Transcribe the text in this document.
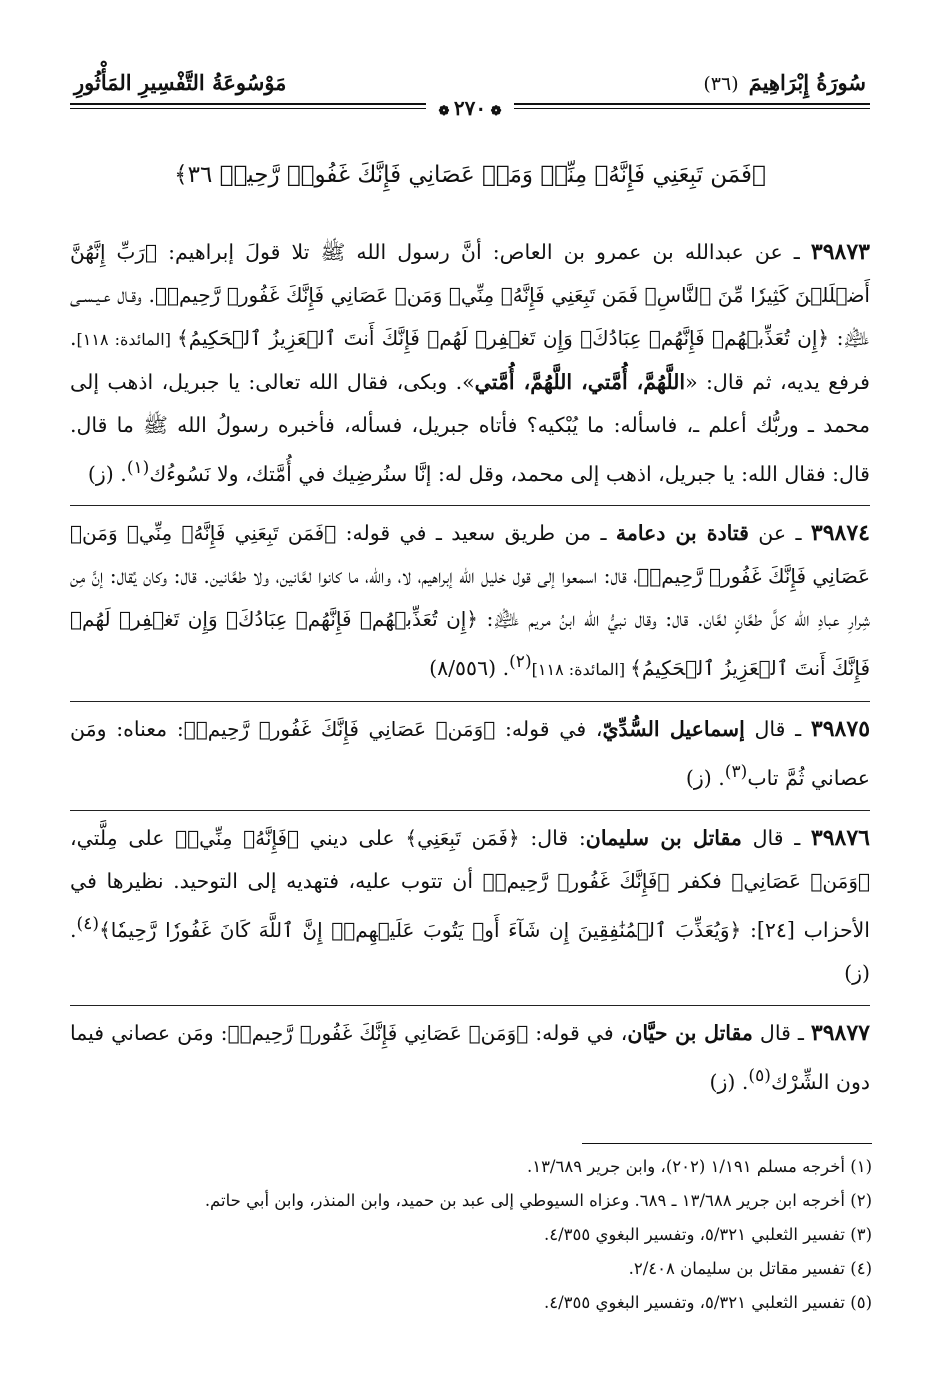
سُورَةُ إِبْرَاهِيمَ
(٣٦)
مَوْسُوعَةُ التَّفْسِيرِ المَأْثُورِ
❁ ٢٧٠ ❁
﴿فَمَن تَبِعَنِي فَإِنَّهُۥ مِنِّيۖ وَمَنۡ عَصَانِي فَإِنَّكَ غَفُورٞ رَّحِيمٞ ٣٦﴾

٣٩٨٧٣ ـ عن عبدالله بن عمرو بن العاص: أنَّ رسول الله ﷺ تلا قولَ إبراهيم: ﴿رَبِّ إِنَّهُنَّ أَضۡلَلۡنَ كَثِيرٗا مِّنَ ٱلنَّاسِۖ فَمَن تَبِعَنِي فَإِنَّهُۥ مِنِّيۖ وَمَنۡ عَصَانِي فَإِنَّكَ غَفُورٞ رَّحِيمٞ﴾. وقـال عـيـسـى ﵇: ﴿إِن تُعَذِّبۡهُمۡ فَإِنَّهُمۡ عِبَادُكَۖ وَإِن تَغۡفِرۡ لَهُمۡ فَإِنَّكَ أَنتَ ٱلۡعَزِيزُ ٱلۡحَكِيمُ﴾ [المائدة: ١١٨]. فرفع يديه، ثم قال: «اللَّهُمَّ، أُمَّتي، اللَّهُمَّ، أُمَّتي». وبكى، فقال الله تعالى: يا جبريل، اذهب إلى محمد ـ وربُّك أعلم ـ، فاسأله: ما يُبْكيه؟ فأتاه جبريل، فسأله، فأخبره رسولُ الله ﷺ ما قال. قال: فقال الله: يا جبريل، اذهب إلى محمد، وقل له: إنَّا سنُرضِيك في أُمَّتك، ولا نَسُوءُك$^{(١)}$. (ز)

٣٩٨٧٤ ـ عن قتادة بن دعامة ـ من طريق سعيد ـ في قوله: ﴿فَمَن تَبِعَنِي فَإِنَّهُۥ مِنِّيۖ وَمَنۡ عَصَانِي فَإِنَّكَ غَفُورٞ رَّحِيمٞ﴾، قال: اسمعوا إلى قول خليل الله إبراهيم، لا، والله، ما كانوا لعَّانين، ولا طعَّانين. قال: وكان يُقال: إنَّ مِن شِرارِ عبادِ الله كلَّ طعَّانٍ لعَّان. قال: وقال نبيُّ الله ابنُ مريم ﵇: ﴿إِن تُعَذِّبۡهُمۡ فَإِنَّهُمۡ عِبَادُكَۖ وَإِن تَغۡفِرۡ لَهُمۡ فَإِنَّكَ أَنتَ ٱلۡعَزِيزُ ٱلۡحَكِيمُ﴾ [المائدة: ١١٨]$^{(٢)}$. (٨/٥٥٦)

٣٩٨٧٥ ـ قال إسماعيل السُّدِّيّ، في قوله: ﴿وَمَنۡ عَصَانِي فَإِنَّكَ غَفُورٞ رَّحِيمٞ﴾: معناه: ومَن عصاني ثُمَّ تاب$^{(٣)}$. (ز)

٣٩٨٧٦ ـ قال مقاتل بن سليمان: قال: ﴿فَمَن تَبِعَنِي﴾ على ديني ﴿فَإِنَّهُۥ مِنِّيۖ﴾ على مِلَّتي، ﴿وَمَنۡ عَصَانِي﴾ فكفر ﴿فَإِنَّكَ غَفُورٞ رَّحِيمٞ﴾ أن تتوب عليه، فتهديه إلى التوحيد. نظيرها في الأحزاب [٢٤]: ﴿وَيُعَذِّبَ ٱلۡمُنَٰفِقِينَ إِن شَآءَ أَوۡ يَتُوبَ عَلَيۡهِمۡۚ إِنَّ ٱللَّهَ كَانَ غَفُورٗا رَّحِيمٗا﴾$^{(٤)}$. (ز)

٣٩٨٧٧ ـ قال مقاتل بن حيَّان، في قوله: ﴿وَمَنۡ عَصَانِي فَإِنَّكَ غَفُورٞ رَّحِيمٞ﴾: ومَن عصاني فيما دون الشِّرْك$^{(٥)}$. (ز)

(١) أخرجه مسلم ١/١٩١ (٢٠٢)، وابن جرير ١٣/٦٨٩.
(٢) أخرجه ابن جرير ١٣/٦٨٨ ـ ٦٨٩. وعزاه السيوطي إلى عبد بن حميد، وابن المنذر، وابن أبي حاتم.
(٣) تفسير الثعلبي ٥/٣٢١، وتفسير البغوي ٤/٣٥٥.
(٤) تفسير مقاتل بن سليمان ٢/٤٠٨.
(٥) تفسير الثعلبي ٥/٣٢١، وتفسير البغوي ٤/٣٥٥.
